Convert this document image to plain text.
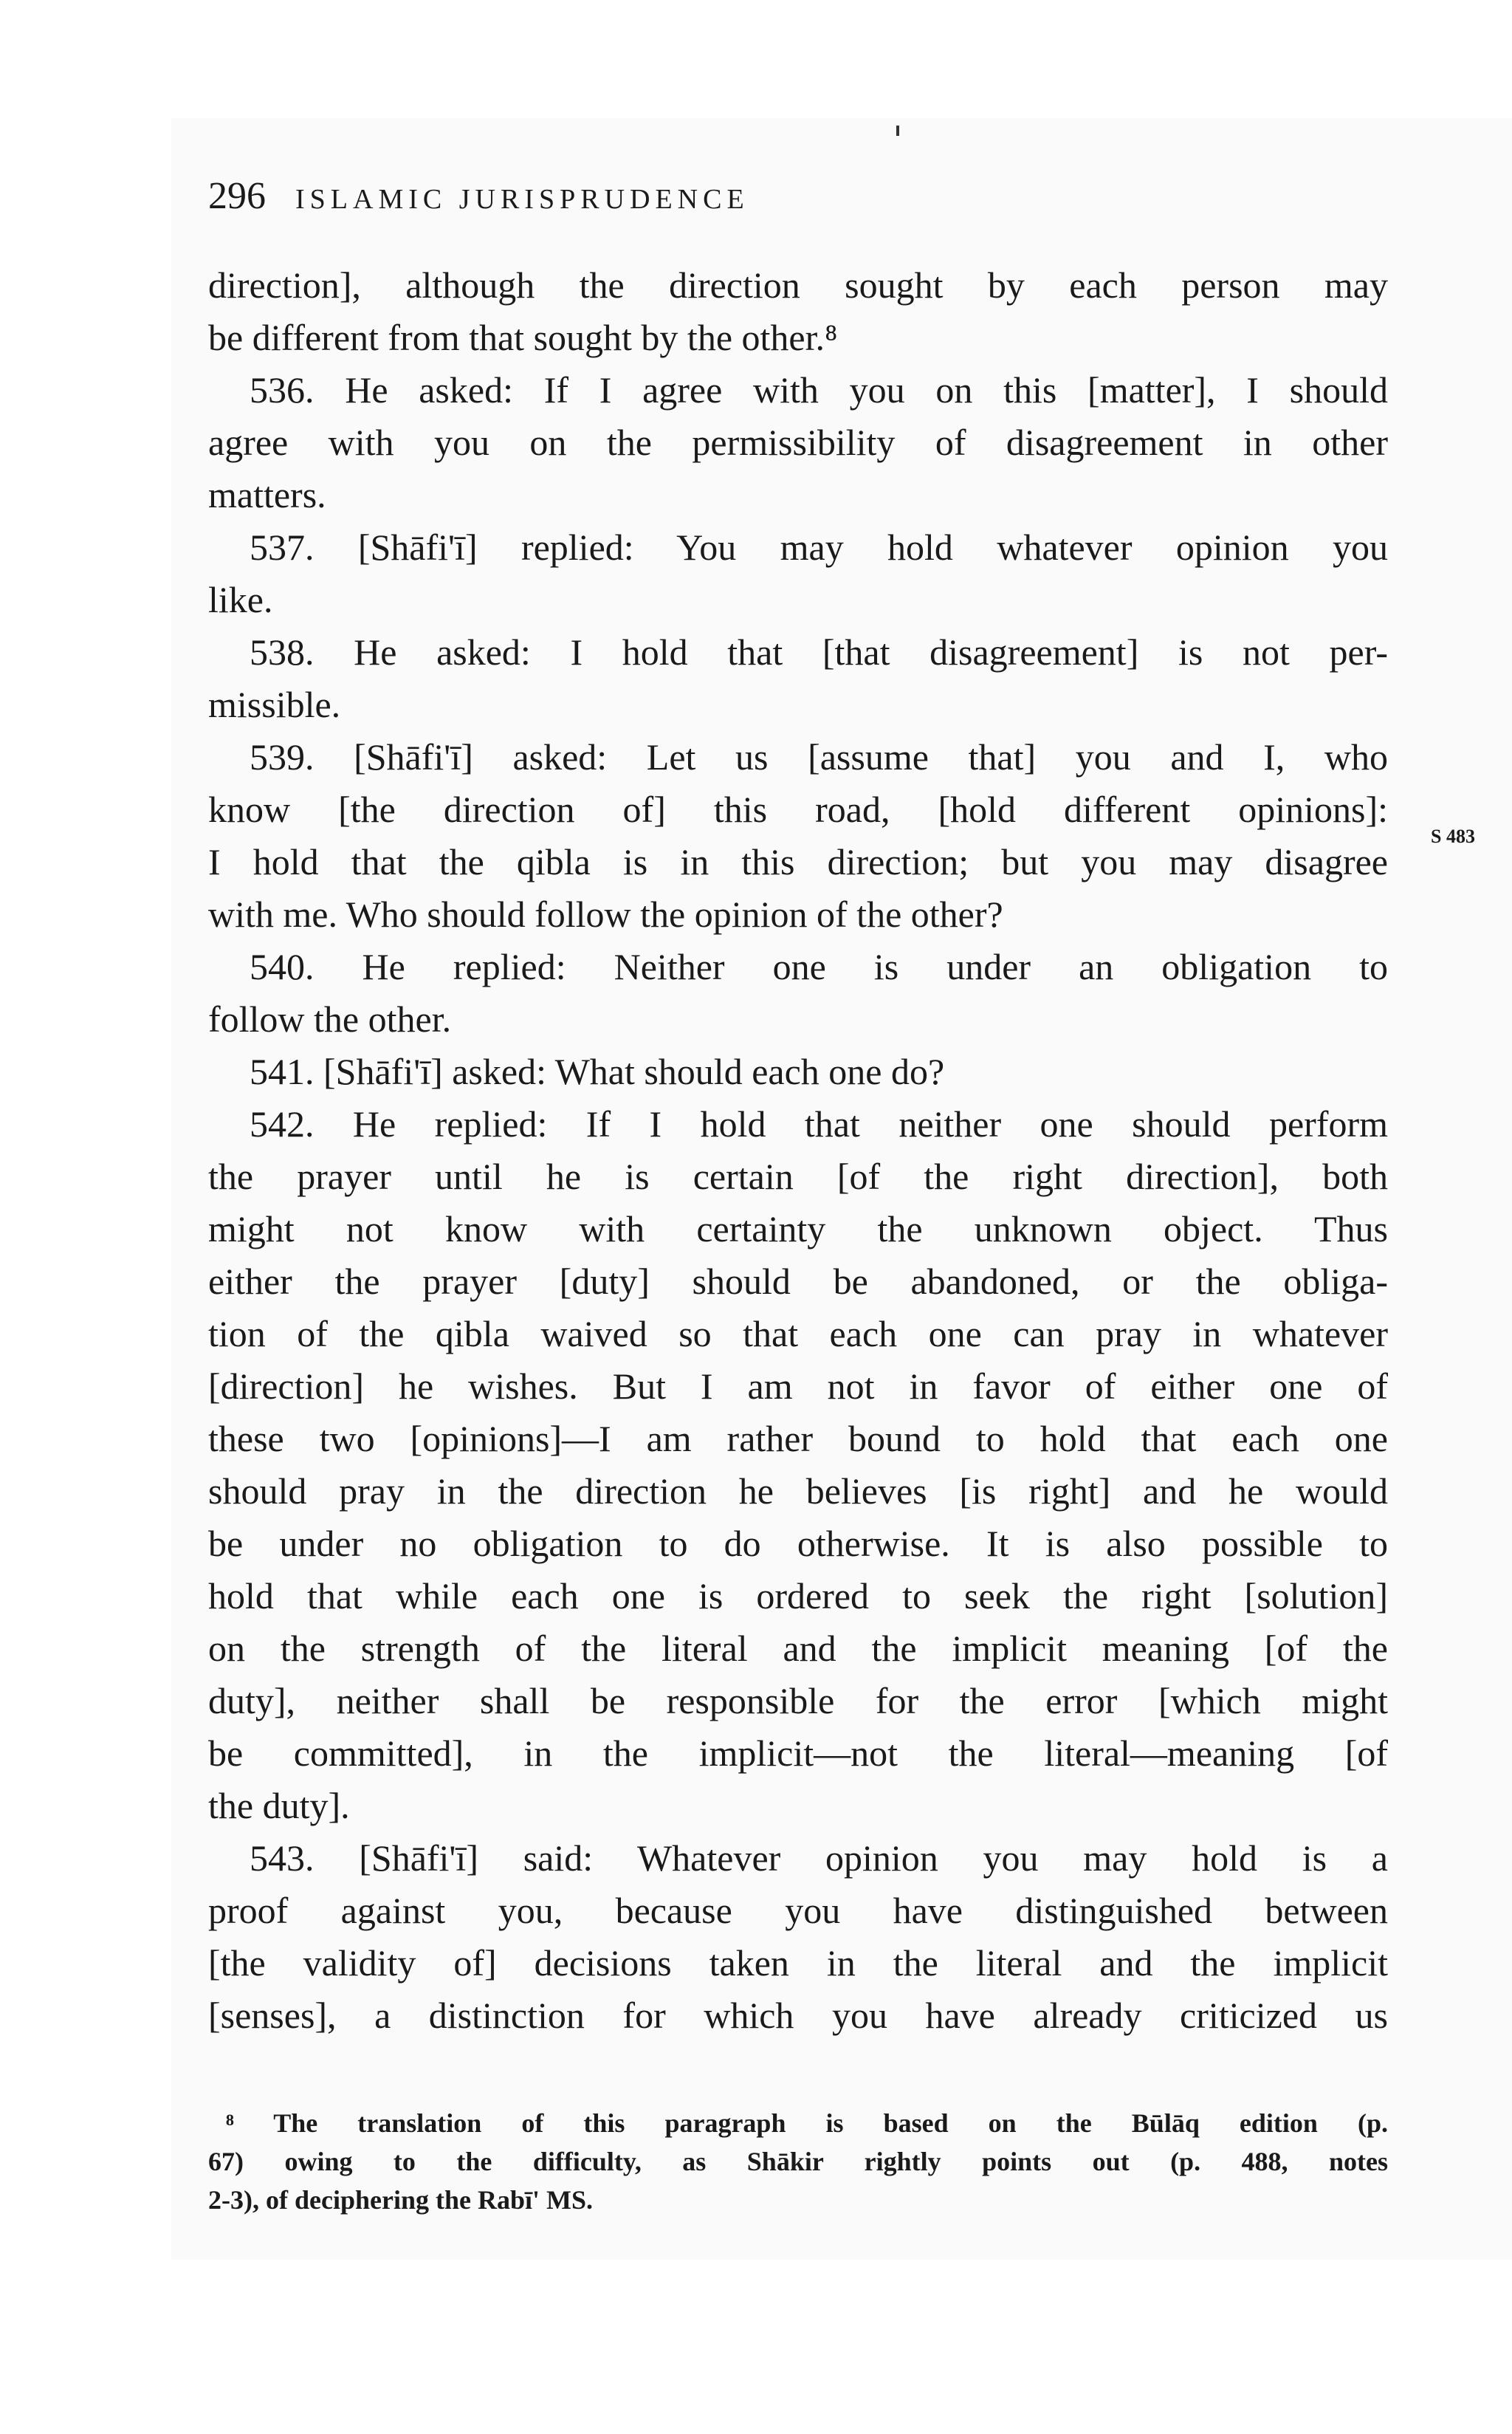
296 ISLAMIC JURISPRUDENCE
S 483
direction], although the direction sought by each person may
be different from that sought by the other.⁸
536. He asked: If I agree with you on this [matter], I should
agree with you on the permissibility of disagreement in other
matters.
537. [Shāfi'ī] replied: You may hold whatever opinion you
like.
538. He asked: I hold that [that disagreement] is not per-
missible.
539. [Shāfi'ī] asked: Let us [assume that] you and I, who
know [the direction of] this road, [hold different opinions]:
I hold that the qibla is in this direction; but you may disagree
with me. Who should follow the opinion of the other?
540. He replied: Neither one is under an obligation to
follow the other.
541. [Shāfi'ī] asked: What should each one do?
542. He replied: If I hold that neither one should perform
the prayer until he is certain [of the right direction], both
might not know with certainty the unknown object. Thus
either the prayer [duty] should be abandoned, or the obliga-
tion of the qibla waived so that each one can pray in whatever
[direction] he wishes. But I am not in favor of either one of
these two [opinions]—I am rather bound to hold that each one
should pray in the direction he believes [is right] and he would
be under no obligation to do otherwise. It is also possible to
hold that while each one is ordered to seek the right [solution]
on the strength of the literal and the implicit meaning [of the
duty], neither shall be responsible for the error [which might
be committed], in the implicit—not the literal—meaning [of
the duty].
543. [Shāfi'ī] said: Whatever opinion you may hold is a
proof against you, because you have distinguished between
[the validity of] decisions taken in the literal and the implicit
[senses], a distinction for which you have already criticized us
⁸ The translation of this paragraph is based on the Būlāq edition (p.
67) owing to the difficulty, as Shākir rightly points out (p. 488, notes
2-3), of deciphering the Rabī' MS.
